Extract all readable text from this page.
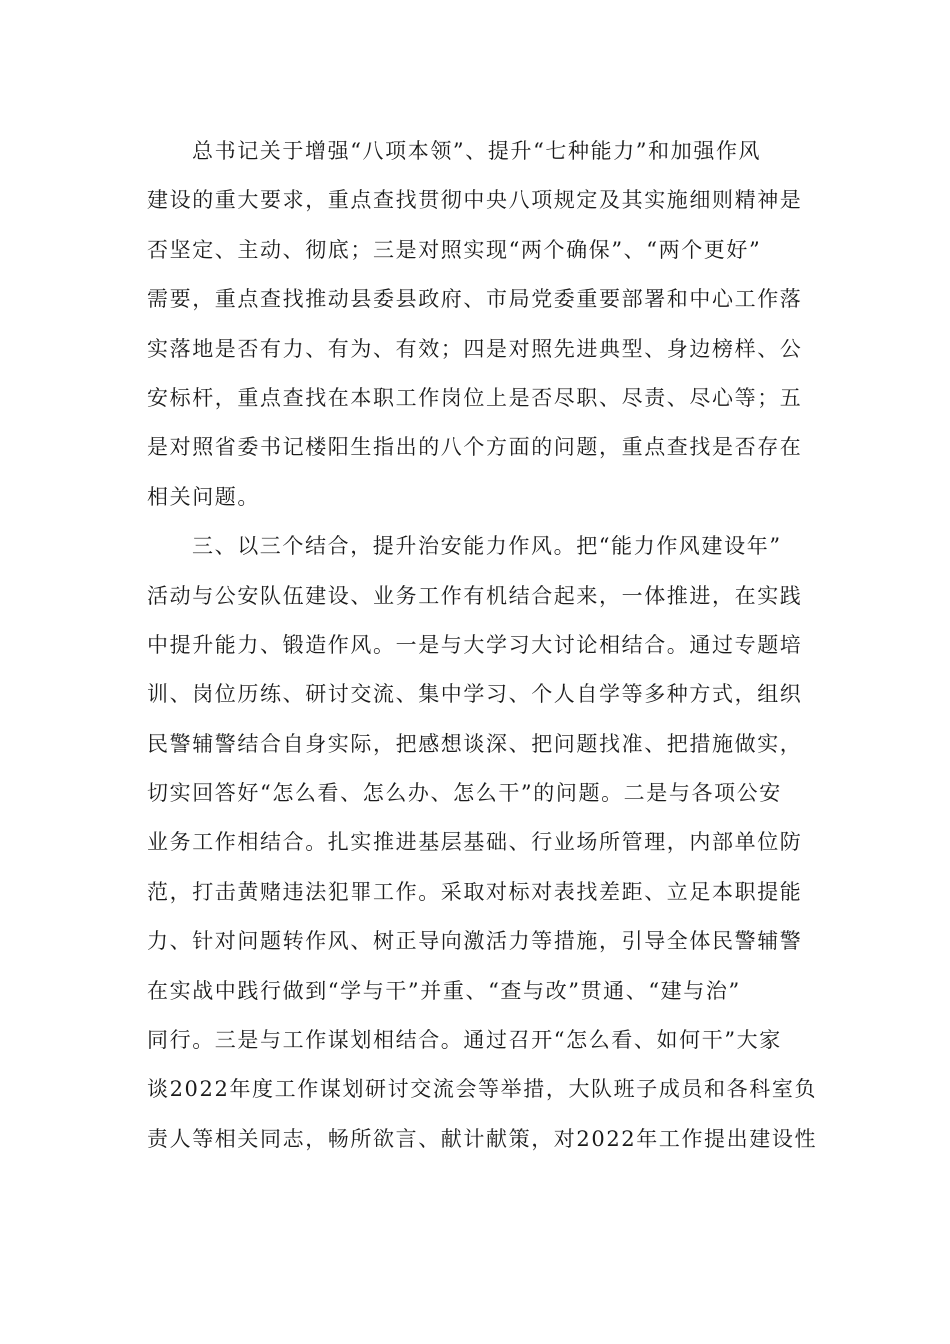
总书记关于增强“八项本领”、提升“七种能力”和加强作风
建设的重大要求，重点查找贯彻中央八项规定及其实施细则精神是
否坚定、主动、彻底；三是对照实现“两个确保”、“两个更好”
需要，重点查找推动县委县政府、市局党委重要部署和中心工作落
实落地是否有力、有为、有效；四是对照先进典型、身边榜样、公
安标杆，重点查找在本职工作岗位上是否尽职、尽责、尽心等；五
是对照省委书记楼阳生指出的八个方面的问题，重点查找是否存在
相关问题。
三、以三个结合，提升治安能力作风。把“能力作风建设年”
活动与公安队伍建设、业务工作有机结合起来，一体推进，在实践
中提升能力、锻造作风。一是与大学习大讨论相结合。通过专题培
训、岗位历练、研讨交流、集中学习、个人自学等多种方式，组织
民警辅警结合自身实际，把感想谈深、把问题找准、把措施做实，
切实回答好“怎么看、怎么办、怎么干”的问题。二是与各项公安
业务工作相结合。扎实推进基层基础、行业场所管理，内部单位防
范，打击黄赌违法犯罪工作。采取对标对表找差距、立足本职提能
力、针对问题转作风、树正导向激活力等措施，引导全体民警辅警
在实战中践行做到“学与干”并重、“查与改”贯通、“建与治”
同行。三是与工作谋划相结合。通过召开“怎么看、如何干”大家
谈2022年度工作谋划研讨交流会等举措，大队班子成员和各科室负
责人等相关同志，畅所欲言、献计献策，对2022年工作提出建设性
